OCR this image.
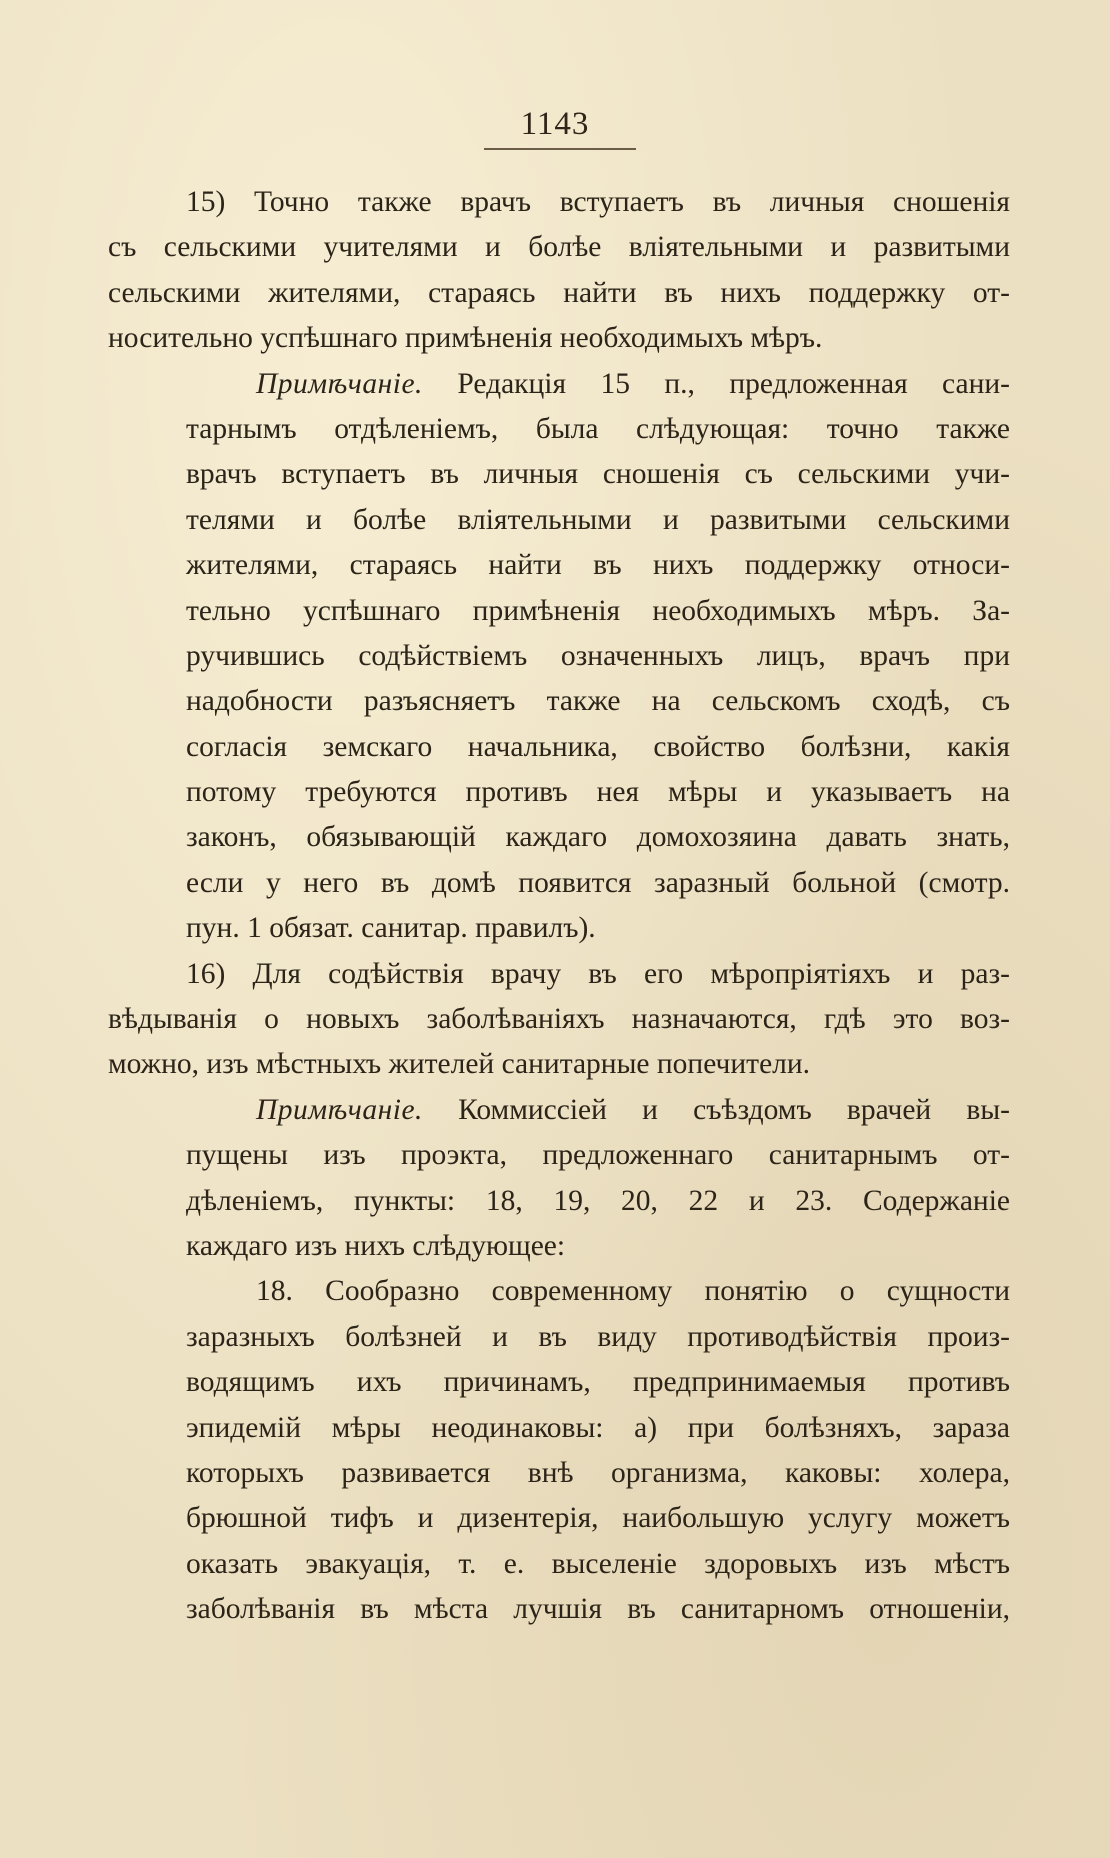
1143
15) Точно также врачъ вступаетъ въ личныя сношенія
съ сельскими учителями и болѣе вліятельными и развитыми
сельскими жителями, стараясь найти въ нихъ поддержку от-
носительно успѣшнаго примѣненія необходимыхъ мѣръ.
Примѣчаніе. Редакція 15 п., предложенная сани-
тарнымъ отдѣленіемъ, была слѣдующая: точно также
врачъ вступаетъ въ личныя сношенія съ сельскими учи-
телями и болѣе вліятельными и развитыми сельскими
жителями, стараясь найти въ нихъ поддержку относи-
тельно успѣшнаго примѣненія необходимыхъ мѣръ. За-
ручившись содѣйствіемъ означенныхъ лицъ, врачъ при
надобности разъясняетъ также на сельскомъ сходѣ, съ
согласія земскаго начальника, свойство болѣзни, какія
потому требуются противъ нея мѣры и указываетъ на
законъ, обязывающій каждаго домохозяина давать знать,
если у него въ домѣ появится заразный больной (смотр.
пун. 1 обязат. санитар. правилъ).
16) Для содѣйствія врачу въ его мѣропріятіяхъ и раз-
вѣдыванія о новыхъ заболѣваніяхъ назначаются, гдѣ это воз-
можно, изъ мѣстныхъ жителей санитарные попечители.
Примѣчаніе. Коммиссіей и съѣздомъ врачей вы-
пущены изъ проэкта, предложеннаго санитарнымъ от-
дѣленіемъ, пункты: 18, 19, 20, 22 и 23. Содержаніе
каждаго изъ нихъ слѣдующее:
18. Сообразно современному понятію о сущности
заразныхъ болѣзней и въ виду противодѣйствія произ-
водящимъ ихъ причинамъ, предпринимаемыя противъ
эпидемій мѣры неодинаковы: а) при болѣзняхъ, зараза
которыхъ развивается внѣ организма, каковы: холера,
брюшной тифъ и дизентерія, наибольшую услугу можетъ
оказать эвакуація, т. е. выселеніе здоровыхъ изъ мѣстъ
заболѣванія въ мѣста лучшія въ санитарномъ отношеніи,
